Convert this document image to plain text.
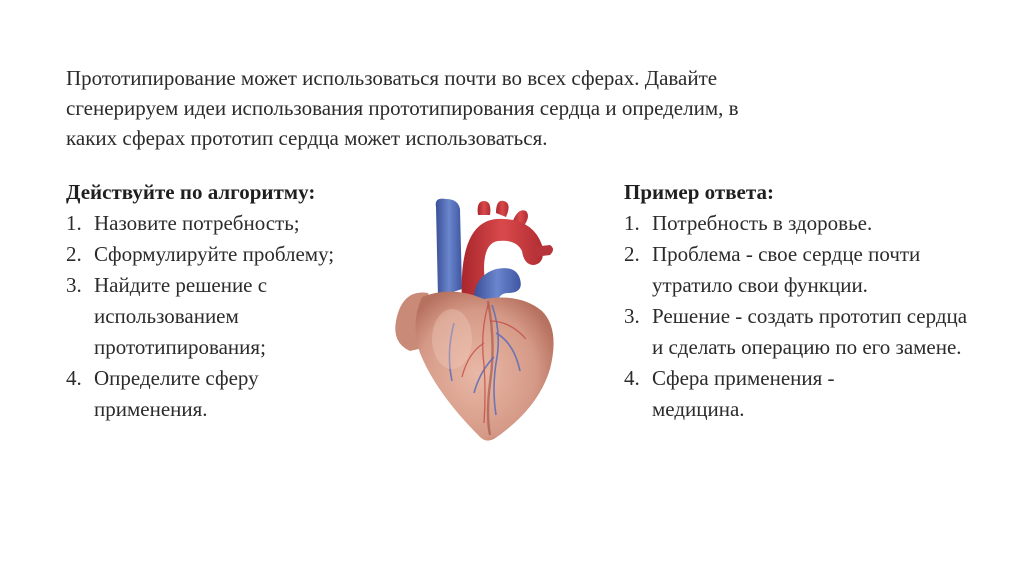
Прототипирование может использоваться почти во всех сферах. Давайте

сгенерируем идеи использования прототипирования сердца и определим, в

каких сферах прототип сердца может использоваться.

Действуйте по алгоритму:
1. Назовите потребность;
2. Сформулируйте проблему;
3. Найдите решение с использованием прототипирования;
4. Определите сферу применения.
Пример ответа:
1. Потребность в здоровье.
2. Проблема - свое сердце почти утратило свои функции.
3. Решение - создать прототип сердца и сделать операцию по его замене.
4. Сфера применения - медицина.
